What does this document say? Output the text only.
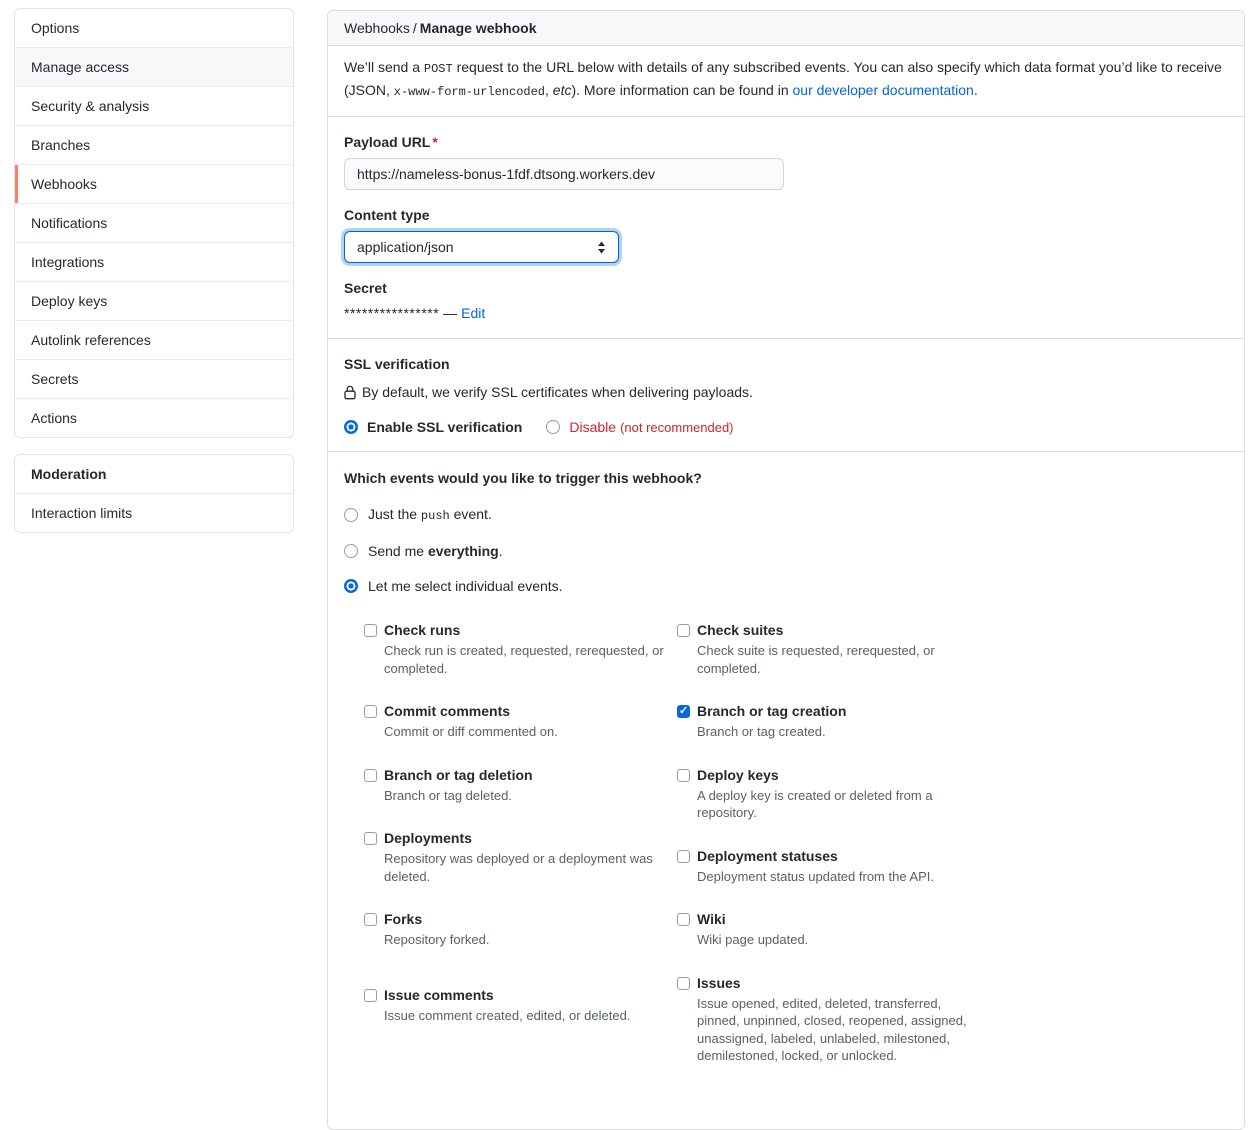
Options
Manage access
Security & analysis
Branches
Webhooks
Notifications
Integrations
Deploy keys
Autolink references
Secrets
Actions
Moderation
Interaction limits
Webhooks / Manage webhook
We’ll send a POST request to the URL below with details of any subscribed events. You can also specify which data format you’d like to receive (JSON, x-www-form-urlencoded, etc). More information can be found in our developer documentation.
Payload URL *
https://nameless-bonus-1fdf.dtsong.workers.dev
Content type
application/json
Secret
**************** — Edit
SSL verification
By default, we verify SSL certificates when delivering payloads.
Enable SSL verification	Disable (not recommended)
Which events would you like to trigger this webhook?
Just the push event.
Send me everything.
Let me select individual events.
Check runs
Check run is created, requested, rerequested, or completed.
Commit comments
Commit or diff commented on.
Branch or tag deletion
Branch or tag deleted.
Deployments
Repository was deployed or a deployment was deleted.
Forks
Repository forked.
Issue comments
Issue comment created, edited, or deleted.
Check suites
Check suite is requested, rerequested, or completed.
✓
Branch or tag creation
Branch or tag created.
Deploy keys
A deploy key is created or deleted from a repository.
Deployment statuses
Deployment status updated from the API.
Wiki
Wiki page updated.
Issues
Issue opened, edited, deleted, transferred, pinned, unpinned, closed, reopened, assigned, unassigned, labeled, unlabeled, milestoned, demilestoned, locked, or unlocked.
